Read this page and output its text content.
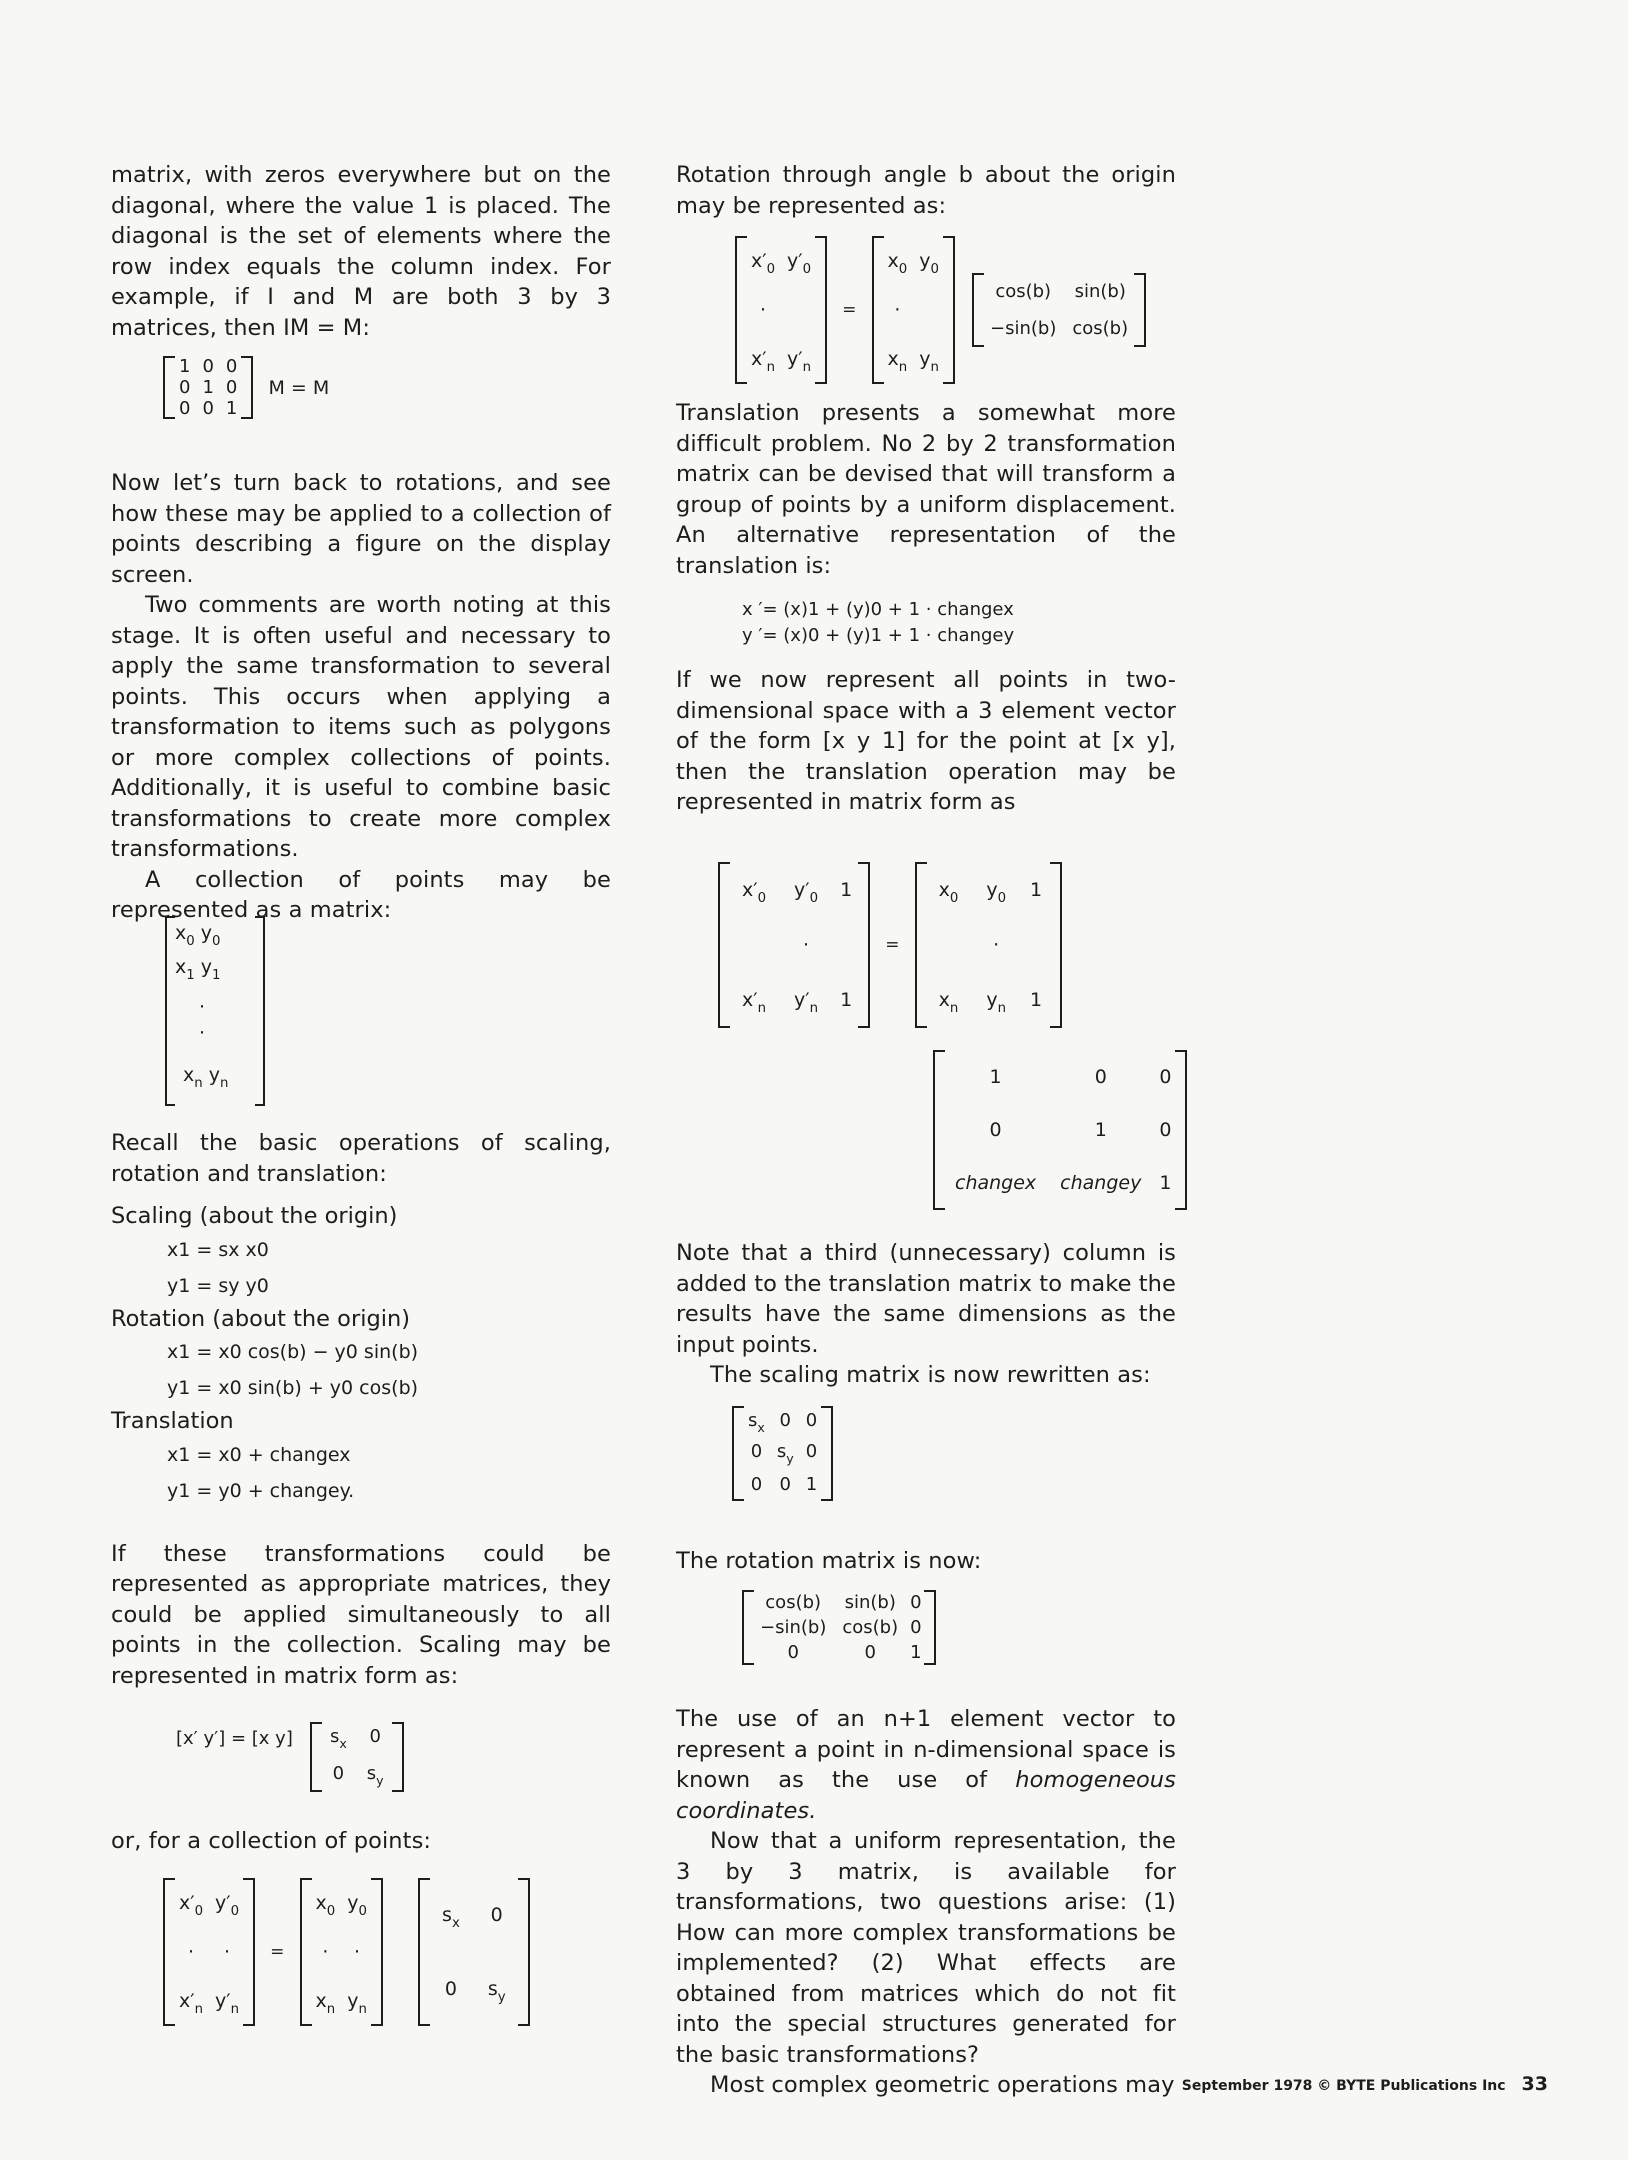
matrix, with zeros everywhere but on the diagonal, where the value 1 is placed. The diagonal is the set of elements where the row index equals the column index. For example, if I and M are both 3 by 3 matrices, then IM = M:

1	0	0
0	1	0
0	0	1
M = M

Now let’s turn back to rotations, and see how these may be applied to a collection of points describing a figure on the display screen.

Two comments are worth noting at this stage. It is often useful and necessary to apply the same transformation to several points. This occurs when applying a transformation to items such as polygons or more complex collections of points. Additionally, it is useful to combine basic transformations to create more complex transformations.

A collection of points may be represented as a matrix:

$x_0$ $y_0$
$x_1$ $y_1$
·
·
$x_n$ $y_n$

Recall the basic operations of scaling, rotation and translation:

Scaling (about the origin)

x1 = sx x0

y1 = sy y0

Rotation (about the origin)

x1 = x0 cos(b) − y0 sin(b)

y1 = x0 sin(b) + y0 cos(b)

Translation

x1 = x0 + changex

y1 = y0 + changey.

If these transformations could be represented as appropriate matrices, they could be applied simultaneously to all points in the collection. Scaling may be represented in matrix form as:

[x′ y′] = [x y] $s_x$	0
0	$s_y$

or, for a collection of points:

$x'_0$	$y'_0$
·	·
$x'_n$	$y'_n$
=
$x_0$	$y_0$
·	·
$x_n$	$y_n$

$s_x$	0
0	$s_y$

Rotation through angle b about the origin may be represented as:

$x'_0$	$y'_0$
·	
$x'_n$	$y'_n$
=
$x_0$	$y_0$
·	
$x_n$	$y_n$

cos(b)	sin(b)
−sin(b)	cos(b)

Translation presents a somewhat more difficult problem. No 2 by 2 transformation matrix can be devised that will transform a group of points by a uniform displacement. An alternative representation of the translation is:

x ′= (x)1 + (y)0 + 1 · changex

y ′= (x)0 + (y)1 + 1 · changey

If we now represent all points in two-dimensional space with a 3 element vector of the form [x y 1] for the point at [x y], then the translation operation may be represented in matrix form as

$x'_0$	$y'_0$	1
	·	
$x'_n$	$y'_n$	1
=
$x_0$	$y_0$	1
	·	
$x_n$	$y_n$	1
1	0	0
0	1	0
changex	changey	1

Note that a third (unnecessary) column is added to the translation matrix to make the results have the same dimensions as the input points.

The scaling matrix is now rewritten as:

$s_x$	0	0
0	$s_y$	0
0	0	1

The rotation matrix is now:

cos(b)	sin(b)	0
−sin(b)	cos(b)	0
0	0	1

The use of an n+1 element vector to represent a point in n-dimensional space is known as the use of homogeneous coordinates.

Now that a uniform representation, the 3 by 3 matrix, is available for transformations, two questions arise: (1) How can more complex transformations be implemented? (2) What effects are obtained from matrices which do not fit into the special structures generated for the basic transformations?

Most complex geometric operations may September 1978 © BYTE Publications Inc 33
